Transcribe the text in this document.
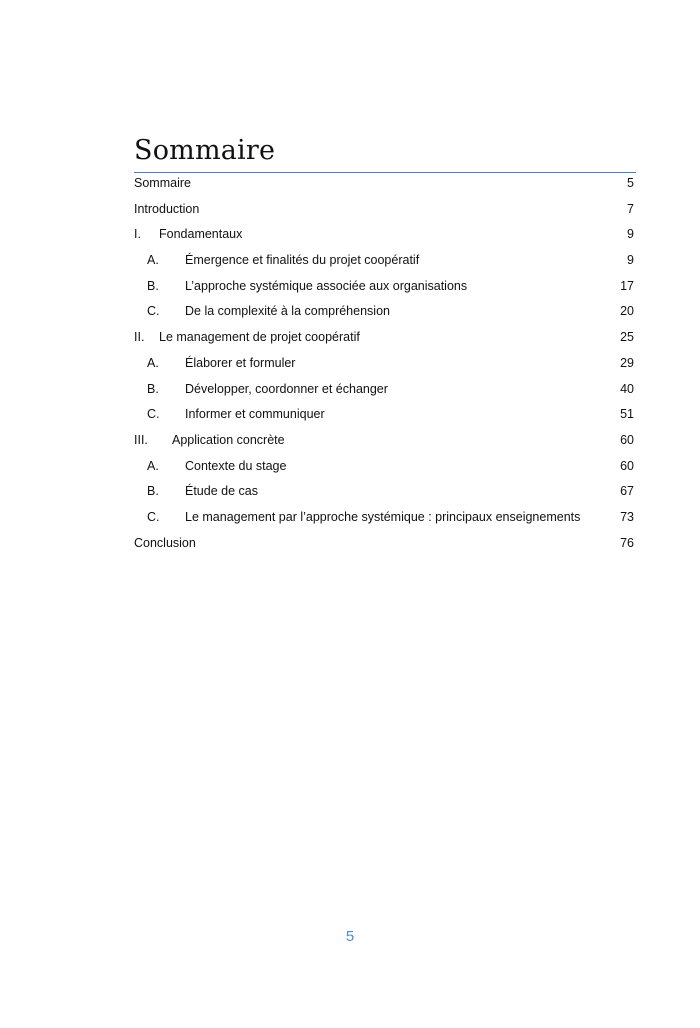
Sommaire
Sommaire	5
Introduction	7
I. Fondamentaux	9
A. Émergence et finalités du projet coopératif	9
B. L’approche systémique associée aux organisations	17
C. De la complexité à la compréhension	20
II. Le management de projet coopératif	25
A. Élaborer et formuler	29
B. Développer, coordonner et échanger	40
C. Informer et communiquer	51
III. Application concrète	60
A. Contexte du stage	60
B. Étude de cas	67
C. Le management par l’approche systémique : principaux enseignements	73
Conclusion	76
5
